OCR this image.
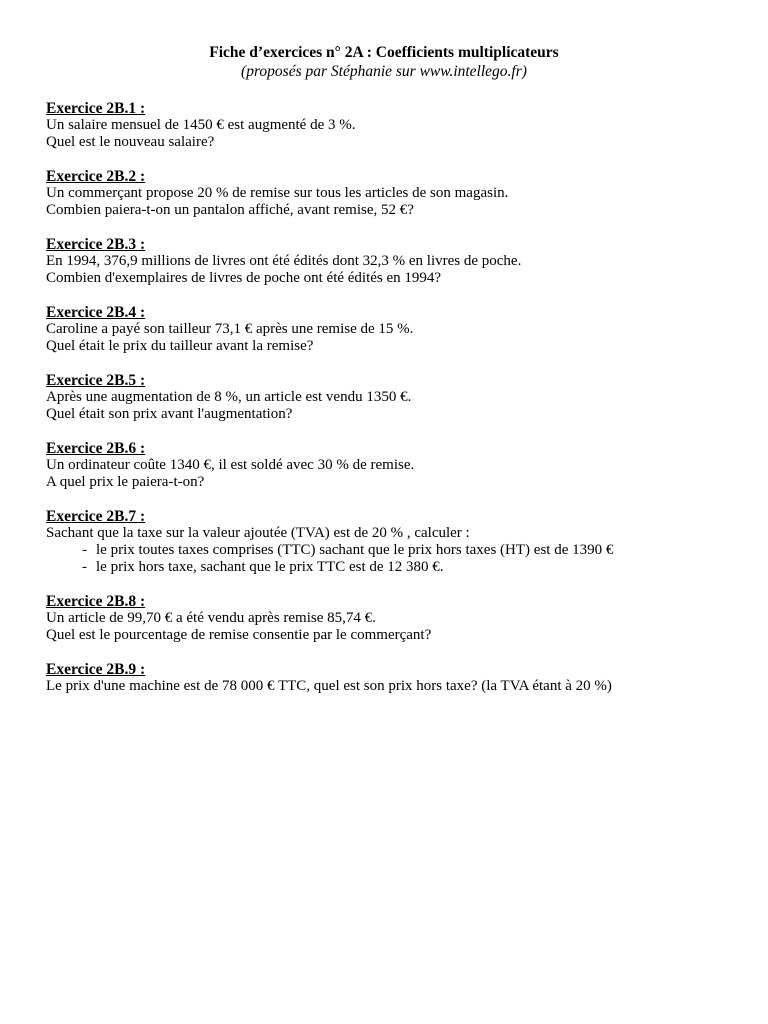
Fiche d’exercices n° 2A : Coefficients multiplicateurs
(proposés par Stéphanie sur www.intellego.fr)
Exercice 2B.1 :
Un salaire mensuel de 1450 € est augmenté de 3 %.
Quel est le nouveau salaire?
Exercice 2B.2 :
Un commerçant propose 20 % de remise sur tous les articles de son magasin.
Combien paiera-t-on un pantalon affiché, avant remise, 52 €?
Exercice 2B.3 :
En 1994, 376,9 millions de livres ont été édités dont 32,3 % en livres de poche.
Combien d'exemplaires de livres de poche ont été édités en 1994?
Exercice 2B.4 :
Caroline a payé son tailleur 73,1 € après une remise de 15 %.
Quel était le prix du tailleur avant la remise?
Exercice 2B.5 :
Après une augmentation de 8 %, un article est vendu 1350 €.
Quel était son prix avant l'augmentation?
Exercice 2B.6 :
Un ordinateur coûte 1340 €, il est soldé avec 30 % de remise.
A quel prix le paiera-t-on?
Exercice 2B.7 :
Sachant que la taxe sur la valeur ajoutée (TVA) est de 20 % , calculer :
- le prix toutes taxes comprises (TTC) sachant que le prix hors taxes (HT) est de 1390 €
- le prix hors taxe, sachant que le prix TTC est de 12 380 €.
Exercice 2B.8 :
Un article de 99,70 € a été vendu après remise 85,74 €.
Quel est le pourcentage de remise consentie par le commerçant?
Exercice 2B.9 :
Le prix d'une machine est de 78 000 € TTC, quel est son prix hors taxe? (la TVA étant à 20 %)
